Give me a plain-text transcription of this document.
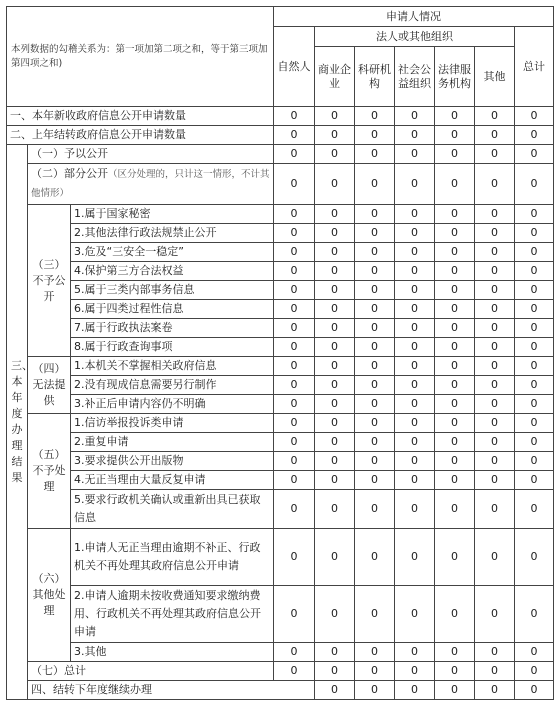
本列数据的勾稽关系为：第一项加第二项之和，等于第三项加第四项之和)			申请人情况							
			自然人	法人或其他组织					总计	
				商业企业	科研机构	社会公益组织	法律服务机构	其他		
一、本年新收政府信息公开申请数量			0	0	0	0	0	0	0	
二、上年结转政府信息公开申请数量			0	0	0	0	0	0	0	
三、本年度办理结果	（一）予以公开		0	0	0	0	0	0	0	
	（二）部分公开（区分处理的，只计这一情形，不计其他情形）		0	0	0	0	0	0	0	
	（三）不予公开	1.属于国家秘密	0	0	0	0	0	0	0	
		2.其他法律行政法规禁止公开	0	0	0	0	0	0	0	
		3.危及“三安全一稳定”	0	0	0	0	0	0	0	
		4.保护第三方合法权益	0	0	0	0	0	0	0	
		5.属于三类内部事务信息	0	0	0	0	0	0	0	
		6.属于四类过程性信息	0	0	0	0	0	0	0	
		7.属于行政执法案卷	0	0	0	0	0	0	0	
		8.属于行政查询事项	0	0	0	0	0	0	0	
	（四）无法提供	1.本机关不掌握相关政府信息	0	0	0	0	0	0	0	
		2.没有现成信息需要另行制作	0	0	0	0	0	0	0	
		3.补正后申请内容仍不明确	0	0	0	0	0	0	0	
	（五）不予处理	1.信访举报投诉类申请	0	0	0	0	0	0	0	
		2.重复申请	0	0	0	0	0	0	0	
		3.要求提供公开出版物	0	0	0	0	0	0	0	
		4.无正当理由大量反复申请	0	0	0	0	0	0	0	
		5.要求行政机关确认或重新出具已获取信息	0	0	0	0	0	0	0	
	（六）其他处理	1.申请人无正当理由逾期不补正、行政机关不再处理其政府信息公开申请	0	0	0	0	0	0	0	
		2.申请人逾期未按收费通知要求缴纳费用、行政机关不再处理其政府信息公开申请	0	0	0	0	0	0	0	
		3.其他	0	0	0	0	0	0	0	
	（七）总计		0	0	0	0	0	0	0	
	四、结转下年度继续办理			0	0	0	0	0	0	
